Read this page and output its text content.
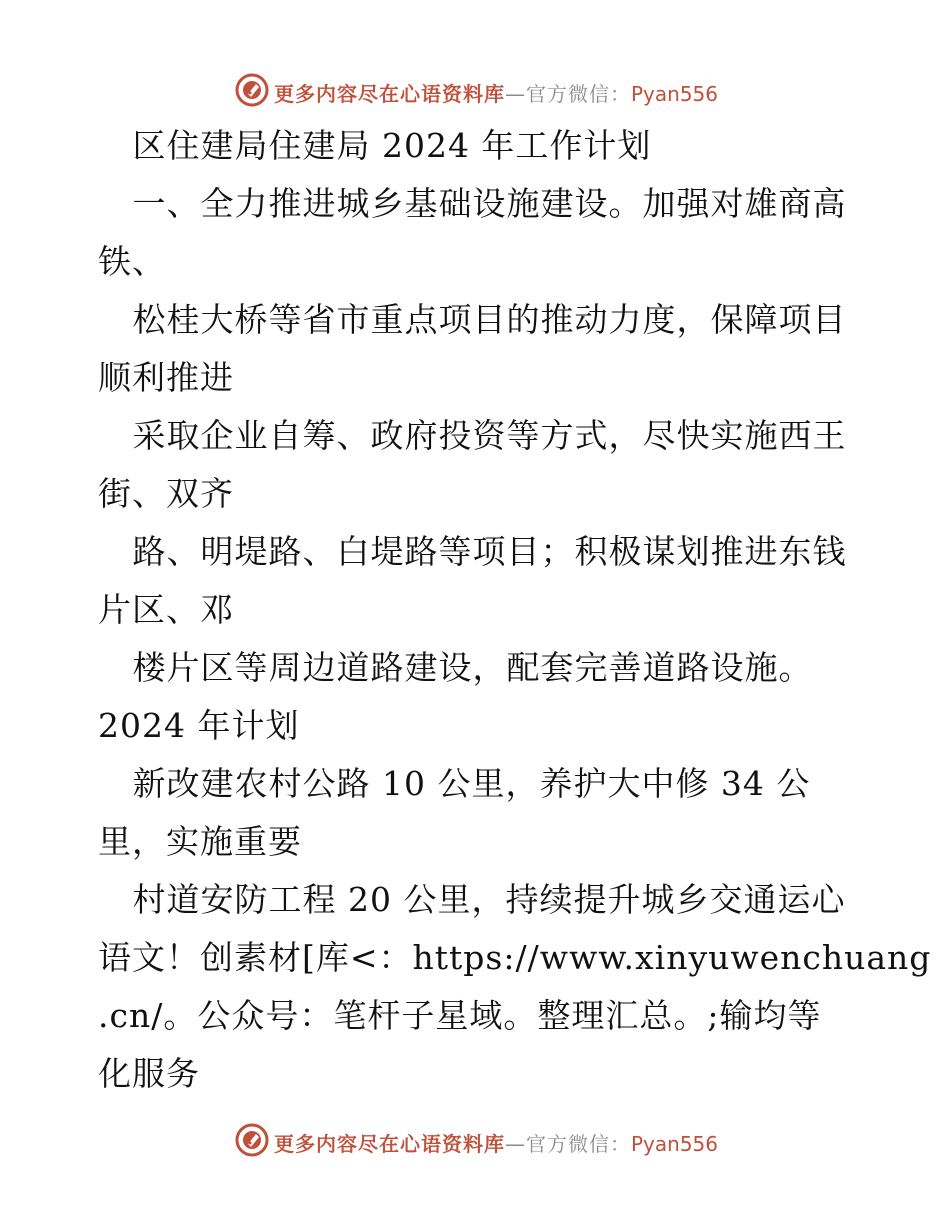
更多内容尽在心语资料库—官方微信：Pyan556
区住建局住建局 2024 年工作计划
一、全力推进城乡基础设施建设。加强对雄商高
铁、
松桂大桥等省市重点项目的推动力度，保障项目
顺利推进
采取企业自筹、政府投资等方式，尽快实施西王
街、双齐
路、明堤路、白堤路等项目；积极谋划推进东钱
片区、邓
楼片区等周边道路建设，配套完善道路设施。
2024 年计划
新改建农村公路 10 公里，养护大中修 34 公
里，实施重要
村道安防工程 20 公里，持续提升城乡交通运心
语文！创素材[库<：https://www.xinyuwenchuang
.cn/。公众号：笔杆子星域。整理汇总。;输均等
化服务
更多内容尽在心语资料库—官方微信：Pyan556
